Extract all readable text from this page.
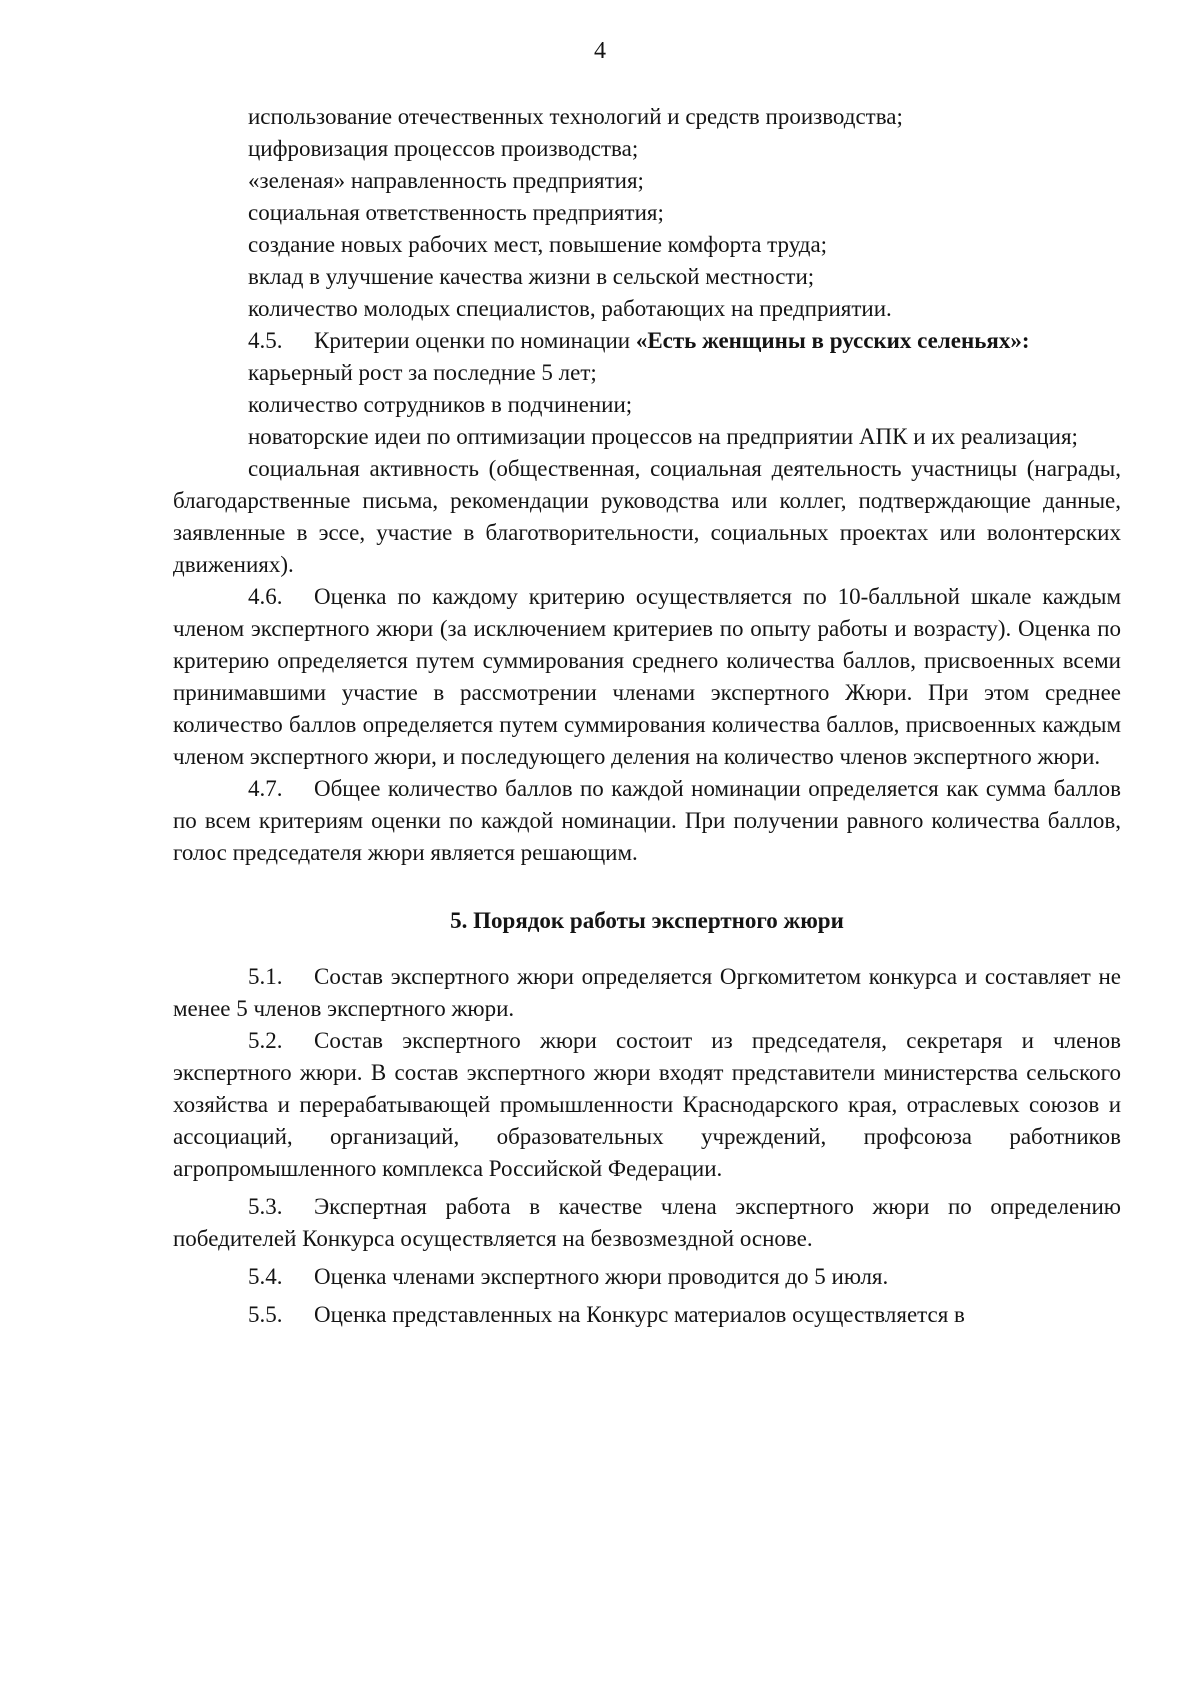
4

использование отечественных технологий и средств производства;

цифровизация процессов производства;

«зеленая» направленность предприятия;

социальная ответственность предприятия;

создание новых рабочих мест, повышение комфорта труда;

вклад в улучшение качества жизни в сельской местности;

количество молодых специалистов, работающих на предприятии.

4.5. Критерии оценки по номинации «Есть женщины в русских селеньях»:

карьерный рост за последние 5 лет;

количество сотрудников в подчинении;

новаторские идеи по оптимизации процессов на предприятии АПК и их реализация;

социальная активность (общественная, социальная деятельность участницы (награды, благодарственные письма, рекомендации руководства или коллег, подтверждающие данные, заявленные в эссе, участие в благотворительности, социальных проектах или волонтерских движениях).

4.6. Оценка по каждому критерию осуществляется по 10-балльной шкале каждым членом экспертного жюри (за исключением критериев по опыту работы и возрасту). Оценка по критерию определяется путем суммирования среднего количества баллов, присвоенных всеми принимавшими участие в рассмотрении членами экспертного Жюри. При этом среднее количество баллов определяется путем суммирования количества баллов, присвоенных каждым членом экспертного жюри, и последующего деления на количество членов экспертного жюри.

4.7. Общее количество баллов по каждой номинации определяется как сумма баллов по всем критериям оценки по каждой номинации. При получении равного количества баллов, голос председателя жюри является решающим.

5. Порядок работы экспертного жюри

5.1. Состав экспертного жюри определяется Оргкомитетом конкурса и составляет не менее 5 членов экспертного жюри.

5.2. Состав экспертного жюри состоит из председателя, секретаря и членов экспертного жюри. В состав экспертного жюри входят представители министерства сельского хозяйства и перерабатывающей промышленности Краснодарского края, отраслевых союзов и ассоциаций, организаций, образовательных учреждений, профсоюза работников агропромышленного комплекса Российской Федерации.

5.3. Экспертная работа в качестве члена экспертного жюри по определению победителей Конкурса осуществляется на безвозмездной основе.

5.4. Оценка членами экспертного жюри проводится до 5 июля.

5.5. Оценка представленных на Конкурс материалов осуществляется в
